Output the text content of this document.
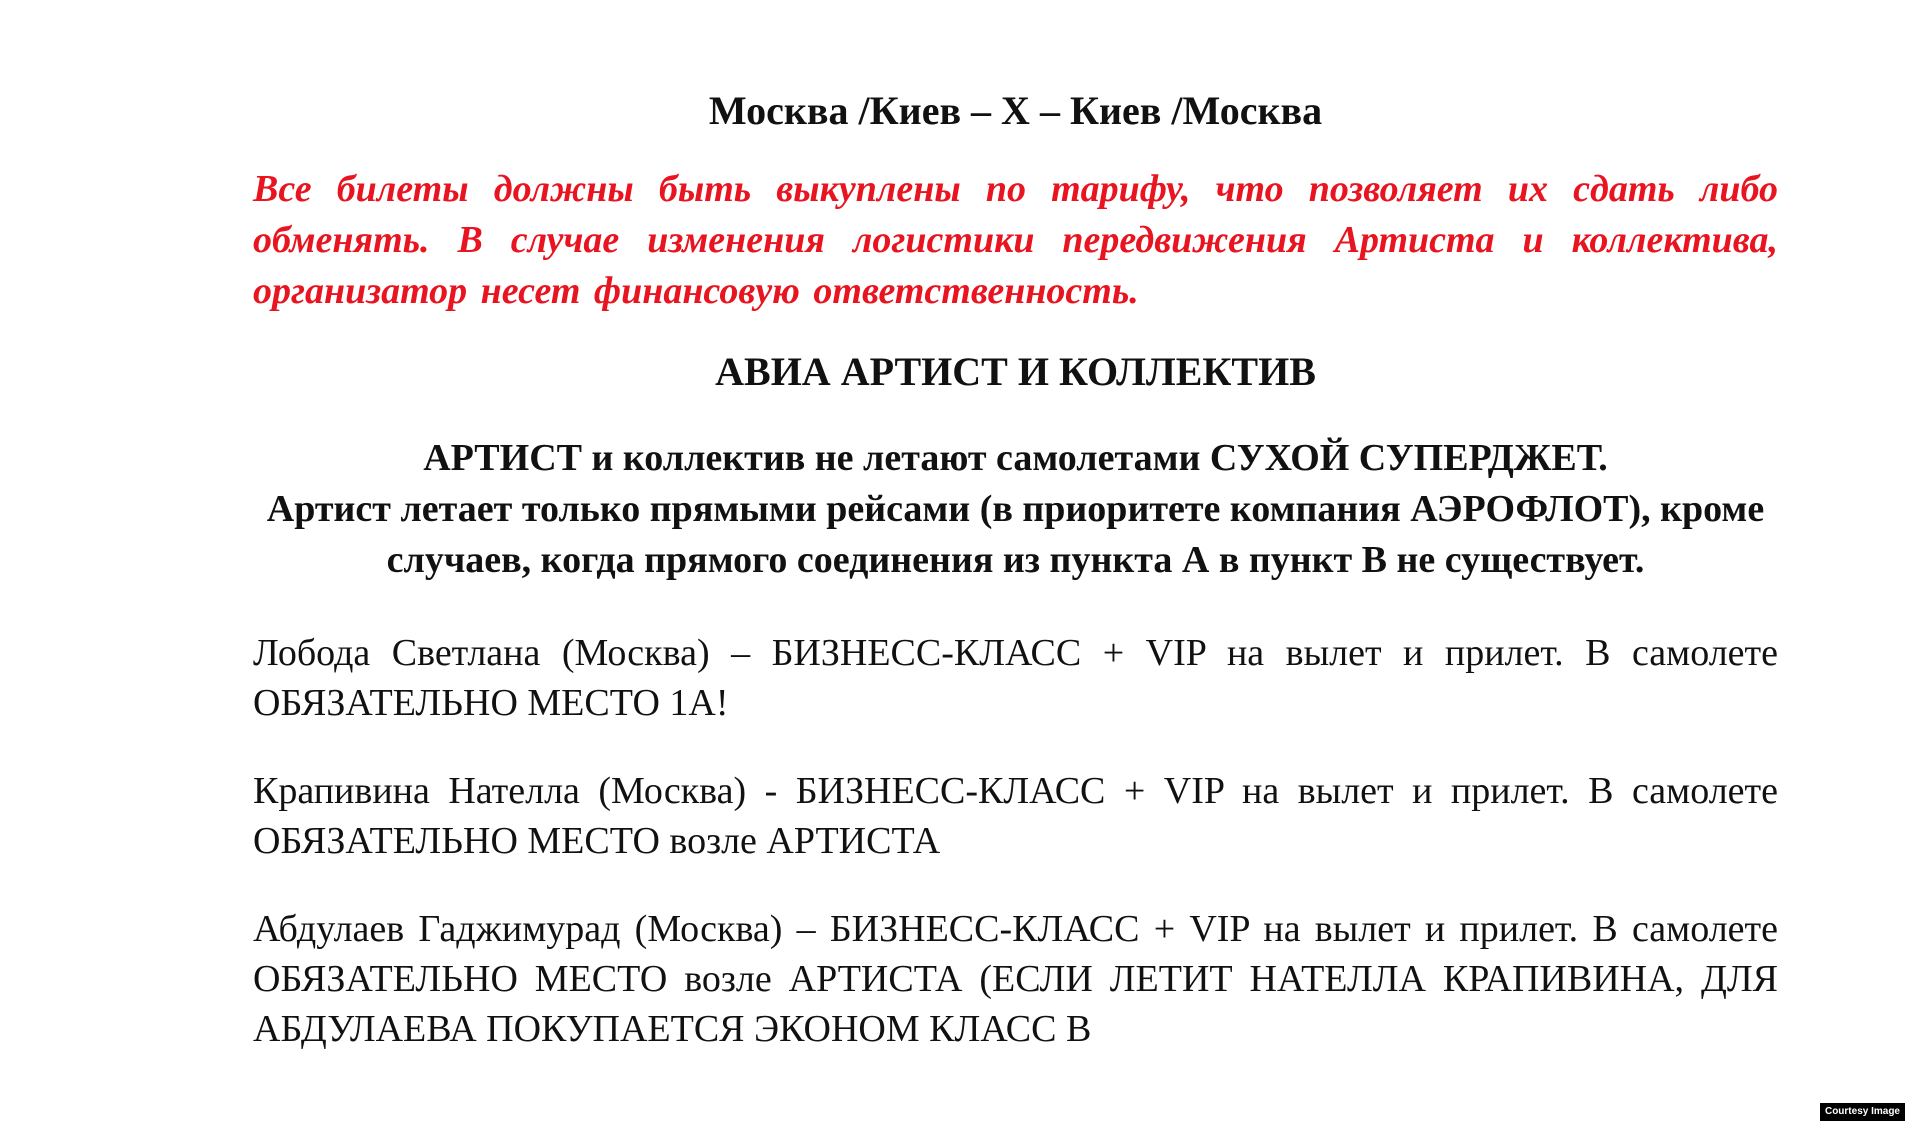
Москва /Киев – Х – Киев /Москва
Все билеты должны быть выкуплены по тарифу, что позволяет их сдать либо обменять. В случае изменения логистики передвижения Артиста и коллектива, организатор несет финансовую ответственность.
АВИА АРТИСТ И КОЛЛЕКТИВ
АРТИСТ и коллектив не летают самолетами СУХОЙ СУПЕРДЖЕТ.
Артист летает только прямыми рейсами (в приоритете компания АЭРОФЛОТ), кроме случаев, когда прямого соединения из пункта А в пункт В не существует.
Лобода Светлана (Москва) – БИЗНЕСС-КЛАСС + VIP на вылет и прилет. В самолете ОБЯЗАТЕЛЬНО МЕСТО 1А!
Крапивина Нателла (Москва) - БИЗНЕСС-КЛАСС + VIP на вылет и прилет. В самолете ОБЯЗАТЕЛЬНО МЕСТО возле АРТИСТА
Абдулаев Гаджимурад (Москва) – БИЗНЕСС-КЛАСС + VIP на вылет и прилет. В самолете ОБЯЗАТЕЛЬНО МЕСТО возле АРТИСТА (ЕСЛИ ЛЕТИТ НАТЕЛЛА КРАПИВИНА, ДЛЯ АБДУЛАЕВА ПОКУПАЕТСЯ ЭКОНОМ КЛАСС В
Courtesy Image
